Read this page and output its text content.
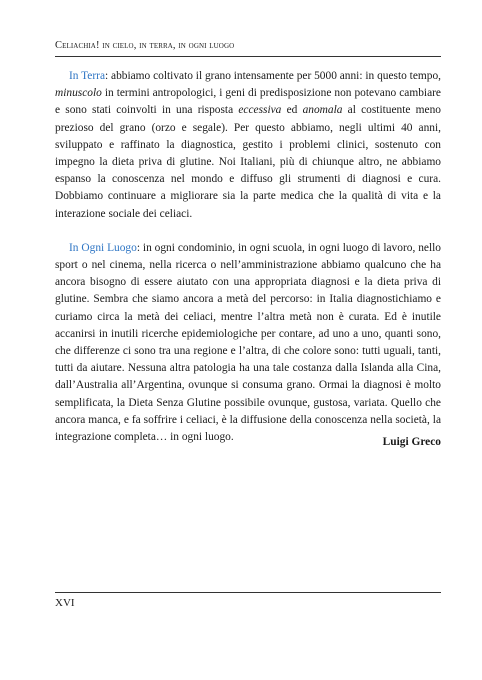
Celiachia! in cielo, in terra, in ogni luogo

In Terra: abbiamo coltivato il grano intensamente per 5000 anni: in questo tempo, minuscolo in termini antropologici, i geni di predisposizione non potevano cambiare e sono stati coinvolti in una risposta eccessiva ed anomala al costituente meno prezioso del grano (orzo e segale). Per questo abbiamo, negli ultimi 40 anni, sviluppato e raffinato la diagnostica, gestito i problemi clinici, sostenuto con impegno la dieta priva di glutine. Noi Italiani, più di chiunque altro, ne abbiamo espanso la conoscenza nel mondo e diffuso gli strumenti di diagnosi e cura. Dobbiamo continuare a migliorare sia la parte medica che la qualità di vita e la interazione sociale dei celiaci.

In Ogni Luogo: in ogni condominio, in ogni scuola, in ogni luogo di lavoro, nello sport o nel cinema, nella ricerca o nell’amministrazione abbiamo qualcuno che ha ancora bisogno di essere aiutato con una appropriata diagnosi e la dieta priva di glutine. Sembra che siamo ancora a metà del percorso: in Italia diagnostichiamo e curiamo circa la metà dei celiaci, mentre l’altra metà non è curata. Ed è inutile accanirsi in inutili ricerche epidemiologiche per contare, ad uno a uno, quanti sono, che differenze ci sono tra una regione e l’altra, di che colore sono: tutti uguali, tanti, tutti da aiutare. Nessuna altra patologia ha una tale costanza dalla Islanda alla Cina, dall’Australia all’Argentina, ovunque si consuma grano. Ormai la diagnosi è molto semplificata, la Dieta Senza Glutine possibile ovunque, gustosa, variata. Quello che ancora manca, e fa soffrire i celiaci, è la diffusione della conoscenza nella società, la integrazione completa… in ogni luogo.	Luigi Greco
XVI
